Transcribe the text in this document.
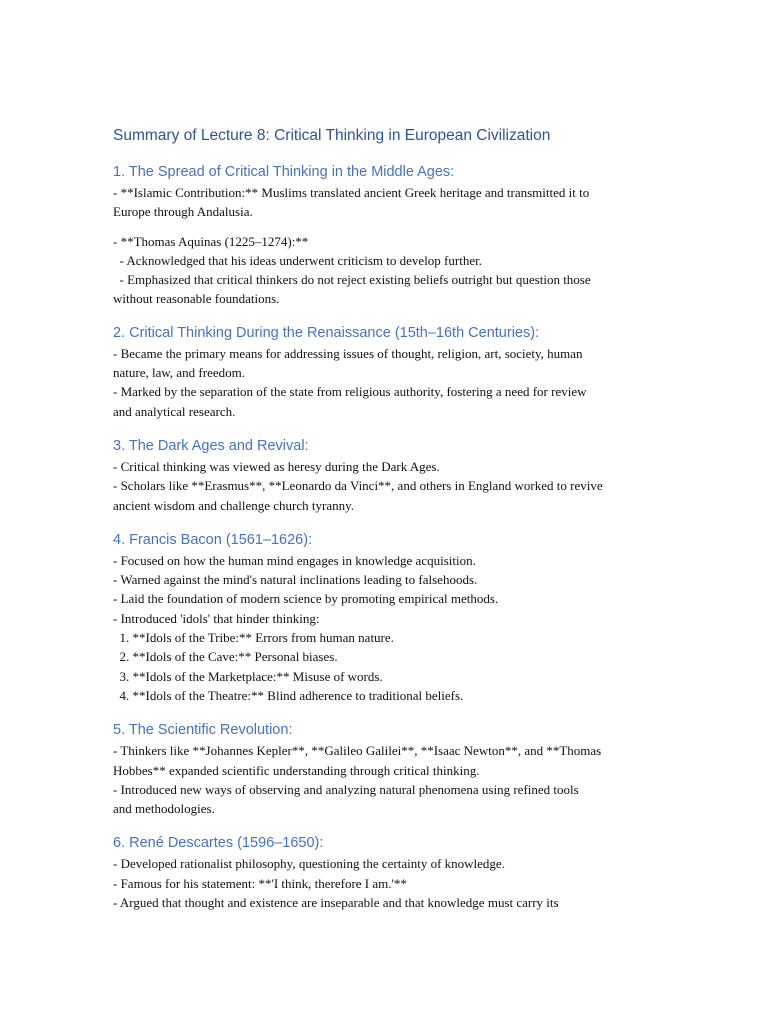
Summary of Lecture 8: Critical Thinking in European Civilization
1. The Spread of Critical Thinking in the Middle Ages:
- **Islamic Contribution:** Muslims translated ancient Greek heritage and transmitted it to
Europe through Andalusia.
- **Thomas Aquinas (1225–1274):**
- Acknowledged that his ideas underwent criticism to develop further.
- Emphasized that critical thinkers do not reject existing beliefs outright but question those
without reasonable foundations.
2. Critical Thinking During the Renaissance (15th–16th Centuries):
- Became the primary means for addressing issues of thought, religion, art, society, human
nature, law, and freedom.
- Marked by the separation of the state from religious authority, fostering a need for review
and analytical research.
3. The Dark Ages and Revival:
- Critical thinking was viewed as heresy during the Dark Ages.
- Scholars like **Erasmus**, **Leonardo da Vinci**, and others in England worked to revive
ancient wisdom and challenge church tyranny.
4. Francis Bacon (1561–1626):
- Focused on how the human mind engages in knowledge acquisition.
- Warned against the mind's natural inclinations leading to falsehoods.
- Laid the foundation of modern science by promoting empirical methods.
- Introduced 'idols' that hinder thinking:
1. **Idols of the Tribe:** Errors from human nature.
2. **Idols of the Cave:** Personal biases.
3. **Idols of the Marketplace:** Misuse of words.
4. **Idols of the Theatre:** Blind adherence to traditional beliefs.
5. The Scientific Revolution:
- Thinkers like **Johannes Kepler**, **Galileo Galilei**, **Isaac Newton**, and **Thomas
Hobbes** expanded scientific understanding through critical thinking.
- Introduced new ways of observing and analyzing natural phenomena using refined tools
and methodologies.
6. René Descartes (1596–1650):
- Developed rationalist philosophy, questioning the certainty of knowledge.
- Famous for his statement: **'I think, therefore I am.'**
- Argued that thought and existence are inseparable and that knowledge must carry its
